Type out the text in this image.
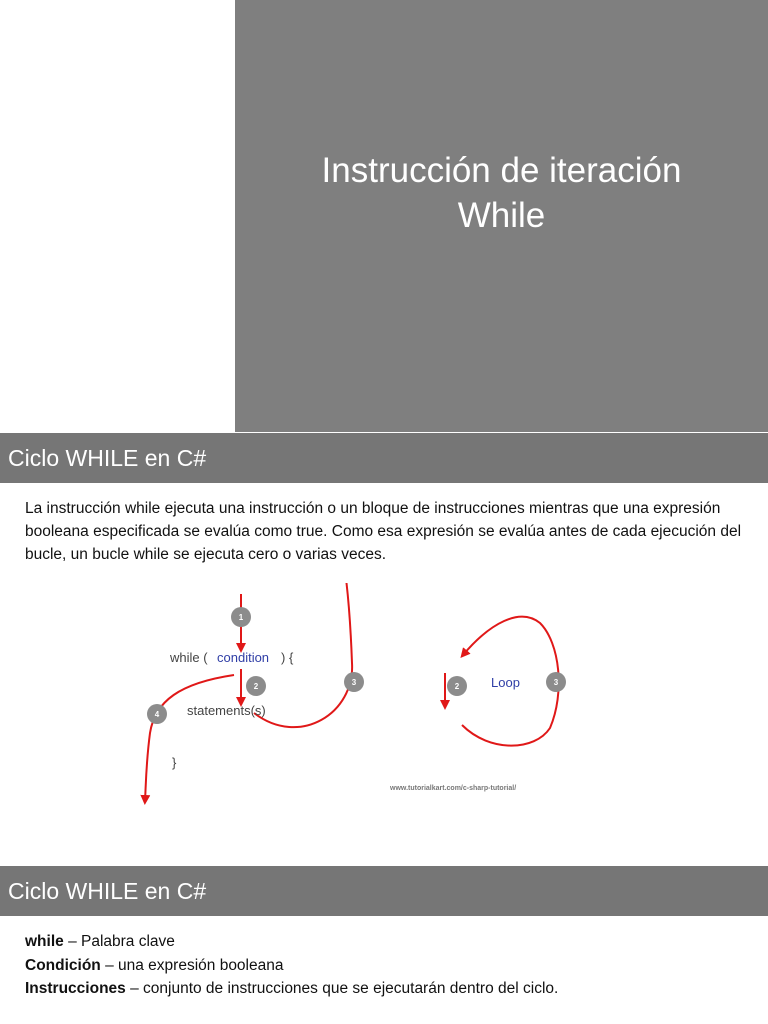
Instrucción de iteración
While
Ciclo WHILE en C#
La instrucción while ejecuta una instrucción o un bloque de instrucciones mientras que una expresión booleana especificada se evalúa como true. Como esa expresión se evalúa antes de cada ejecución del bucle, un bucle while se ejecuta cero o varias veces.
while ( condition ) {
statements(s)
}
1
2	3
4
2	3
Loop
www.tutorialkart.com/c-sharp-tutorial/
Ciclo WHILE en C#
while – Palabra clave
Condición – una expresión booleana
Instrucciones – conjunto de instrucciones que se ejecutarán dentro del ciclo.
